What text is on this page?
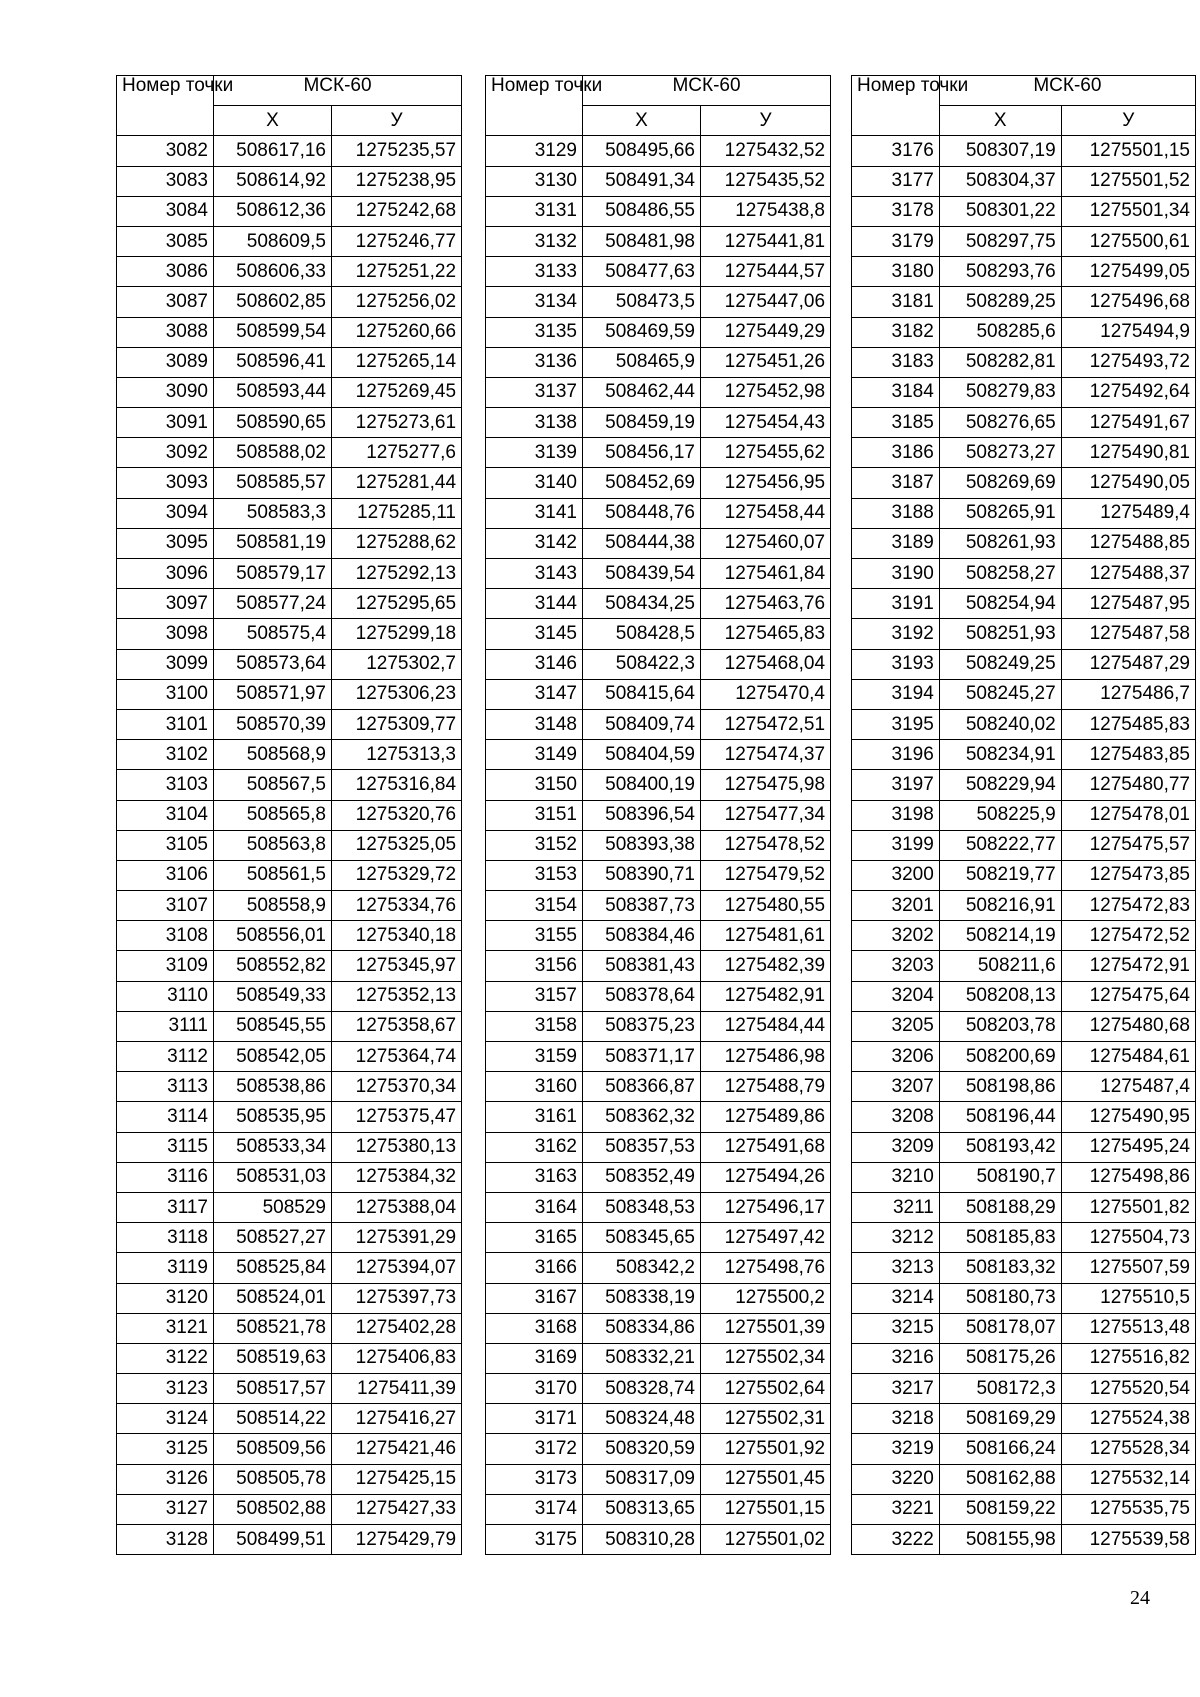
Номер точки	МСК-60	
	X	У
3082	508617,16	1275235,57
3083	508614,92	1275238,95
3084	508612,36	1275242,68
3085	508609,5	1275246,77
3086	508606,33	1275251,22
3087	508602,85	1275256,02
3088	508599,54	1275260,66
3089	508596,41	1275265,14
3090	508593,44	1275269,45
3091	508590,65	1275273,61
3092	508588,02	1275277,6
3093	508585,57	1275281,44
3094	508583,3	1275285,11
3095	508581,19	1275288,62
3096	508579,17	1275292,13
3097	508577,24	1275295,65
3098	508575,4	1275299,18
3099	508573,64	1275302,7
3100	508571,97	1275306,23
3101	508570,39	1275309,77
3102	508568,9	1275313,3
3103	508567,5	1275316,84
3104	508565,8	1275320,76
3105	508563,8	1275325,05
3106	508561,5	1275329,72
3107	508558,9	1275334,76
3108	508556,01	1275340,18
3109	508552,82	1275345,97
3110	508549,33	1275352,13
3111	508545,55	1275358,67
3112	508542,05	1275364,74
3113	508538,86	1275370,34
3114	508535,95	1275375,47
3115	508533,34	1275380,13
3116	508531,03	1275384,32
3117	508529	1275388,04
3118	508527,27	1275391,29
3119	508525,84	1275394,07
3120	508524,01	1275397,73
3121	508521,78	1275402,28
3122	508519,63	1275406,83
3123	508517,57	1275411,39
3124	508514,22	1275416,27
3125	508509,56	1275421,46
3126	508505,78	1275425,15
3127	508502,88	1275427,33
3128	508499,51	1275429,79
Номер точки	МСК-60	
	X	У
3129	508495,66	1275432,52
3130	508491,34	1275435,52
3131	508486,55	1275438,8
3132	508481,98	1275441,81
3133	508477,63	1275444,57
3134	508473,5	1275447,06
3135	508469,59	1275449,29
3136	508465,9	1275451,26
3137	508462,44	1275452,98
3138	508459,19	1275454,43
3139	508456,17	1275455,62
3140	508452,69	1275456,95
3141	508448,76	1275458,44
3142	508444,38	1275460,07
3143	508439,54	1275461,84
3144	508434,25	1275463,76
3145	508428,5	1275465,83
3146	508422,3	1275468,04
3147	508415,64	1275470,4
3148	508409,74	1275472,51
3149	508404,59	1275474,37
3150	508400,19	1275475,98
3151	508396,54	1275477,34
3152	508393,38	1275478,52
3153	508390,71	1275479,52
3154	508387,73	1275480,55
3155	508384,46	1275481,61
3156	508381,43	1275482,39
3157	508378,64	1275482,91
3158	508375,23	1275484,44
3159	508371,17	1275486,98
3160	508366,87	1275488,79
3161	508362,32	1275489,86
3162	508357,53	1275491,68
3163	508352,49	1275494,26
3164	508348,53	1275496,17
3165	508345,65	1275497,42
3166	508342,2	1275498,76
3167	508338,19	1275500,2
3168	508334,86	1275501,39
3169	508332,21	1275502,34
3170	508328,74	1275502,64
3171	508324,48	1275502,31
3172	508320,59	1275501,92
3173	508317,09	1275501,45
3174	508313,65	1275501,15
3175	508310,28	1275501,02
Номер точки	МСК-60	
	X	У
3176	508307,19	1275501,15
3177	508304,37	1275501,52
3178	508301,22	1275501,34
3179	508297,75	1275500,61
3180	508293,76	1275499,05
3181	508289,25	1275496,68
3182	508285,6	1275494,9
3183	508282,81	1275493,72
3184	508279,83	1275492,64
3185	508276,65	1275491,67
3186	508273,27	1275490,81
3187	508269,69	1275490,05
3188	508265,91	1275489,4
3189	508261,93	1275488,85
3190	508258,27	1275488,37
3191	508254,94	1275487,95
3192	508251,93	1275487,58
3193	508249,25	1275487,29
3194	508245,27	1275486,7
3195	508240,02	1275485,83
3196	508234,91	1275483,85
3197	508229,94	1275480,77
3198	508225,9	1275478,01
3199	508222,77	1275475,57
3200	508219,77	1275473,85
3201	508216,91	1275472,83
3202	508214,19	1275472,52
3203	508211,6	1275472,91
3204	508208,13	1275475,64
3205	508203,78	1275480,68
3206	508200,69	1275484,61
3207	508198,86	1275487,4
3208	508196,44	1275490,95
3209	508193,42	1275495,24
3210	508190,7	1275498,86
3211	508188,29	1275501,82
3212	508185,83	1275504,73
3213	508183,32	1275507,59
3214	508180,73	1275510,5
3215	508178,07	1275513,48
3216	508175,26	1275516,82
3217	508172,3	1275520,54
3218	508169,29	1275524,38
3219	508166,24	1275528,34
3220	508162,88	1275532,14
3221	508159,22	1275535,75
3222	508155,98	1275539,58
24
